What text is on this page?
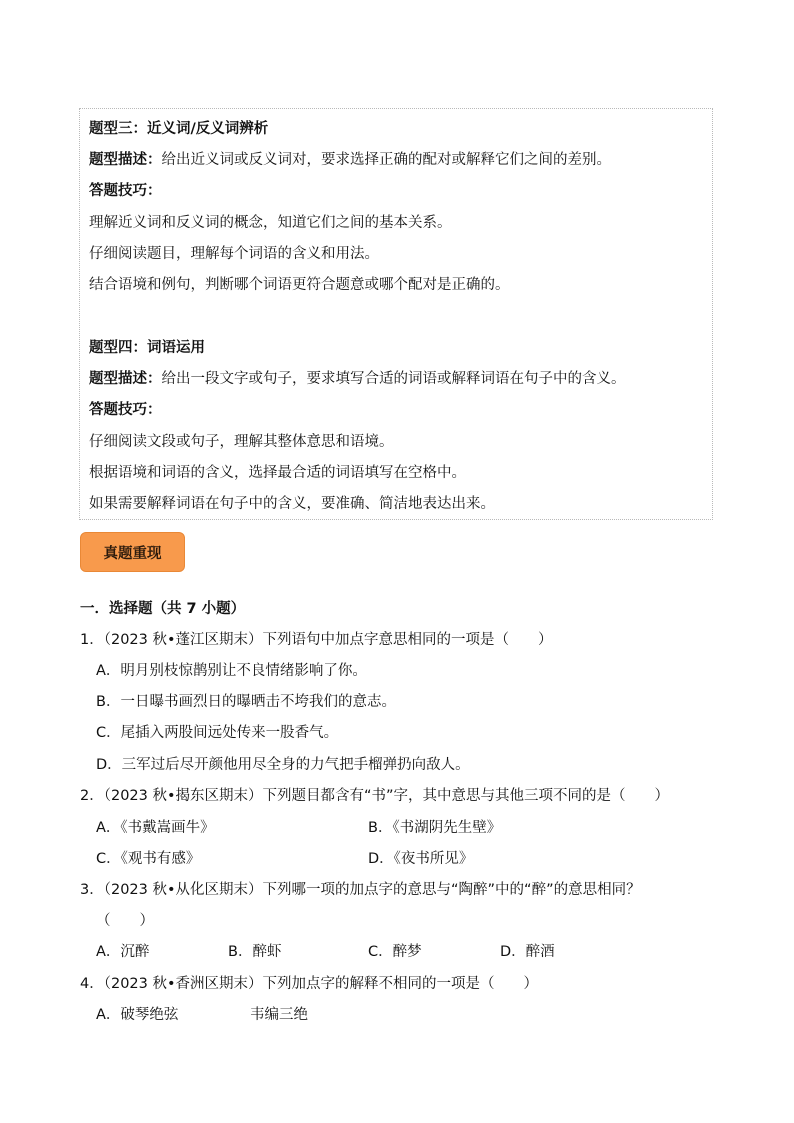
题型三：近义词/反义词辨析
题型描述：给出近义词或反义词对，要求选择正确的配对或解释它们之间的差别。
答题技巧：
理解近义词和反义词的概念，知道它们之间的基本关系。
仔细阅读题目，理解每个词语的含义和用法。
结合语境和例句，判断哪个词语更符合题意或哪个配对是正确的。
题型四：词语运用
题型描述：给出一段文字或句子，要求填写合适的词语或解释词语在句子中的含义。
答题技巧：
仔细阅读文段或句子，理解其整体意思和语境。
根据语境和词语的含义，选择最合适的词语填写在空格中。
如果需要解释词语在句子中的含义，要准确、简洁地表达出来。
真题重现
一．选择题（共 7 小题）
1．（2023 秋•蓬江区期末）下列语句中加点字意思相同的一项是（　　）
A．明月别枝惊鹊别让不良情绪影响了你。
B．一日曝书画烈日的曝晒击不垮我们的意志。
C．尾插入两股间远处传来一股香气。
D．三军过后尽开颜他用尽全身的力气把手榴弹扔向敌人。
2．（2023 秋•揭东区期末）下列题目都含有“书”字，其中意思与其他三项不同的是（　　）
A．《书戴嵩画牛》	B．《书湖阴先生壁》
C．《观书有感》	D．《夜书所见》
3．（2023 秋•从化区期末）下列哪一项的加点字的意思与“陶醉”中的“醉”的意思相同？
（　　）
A．沉醉	B．醉虾	C．醉梦	D．醉酒
4．（2023 秋•香洲区期末）下列加点字的解释不相同的一项是（　　）
A．破琴绝弦	韦编三绝
